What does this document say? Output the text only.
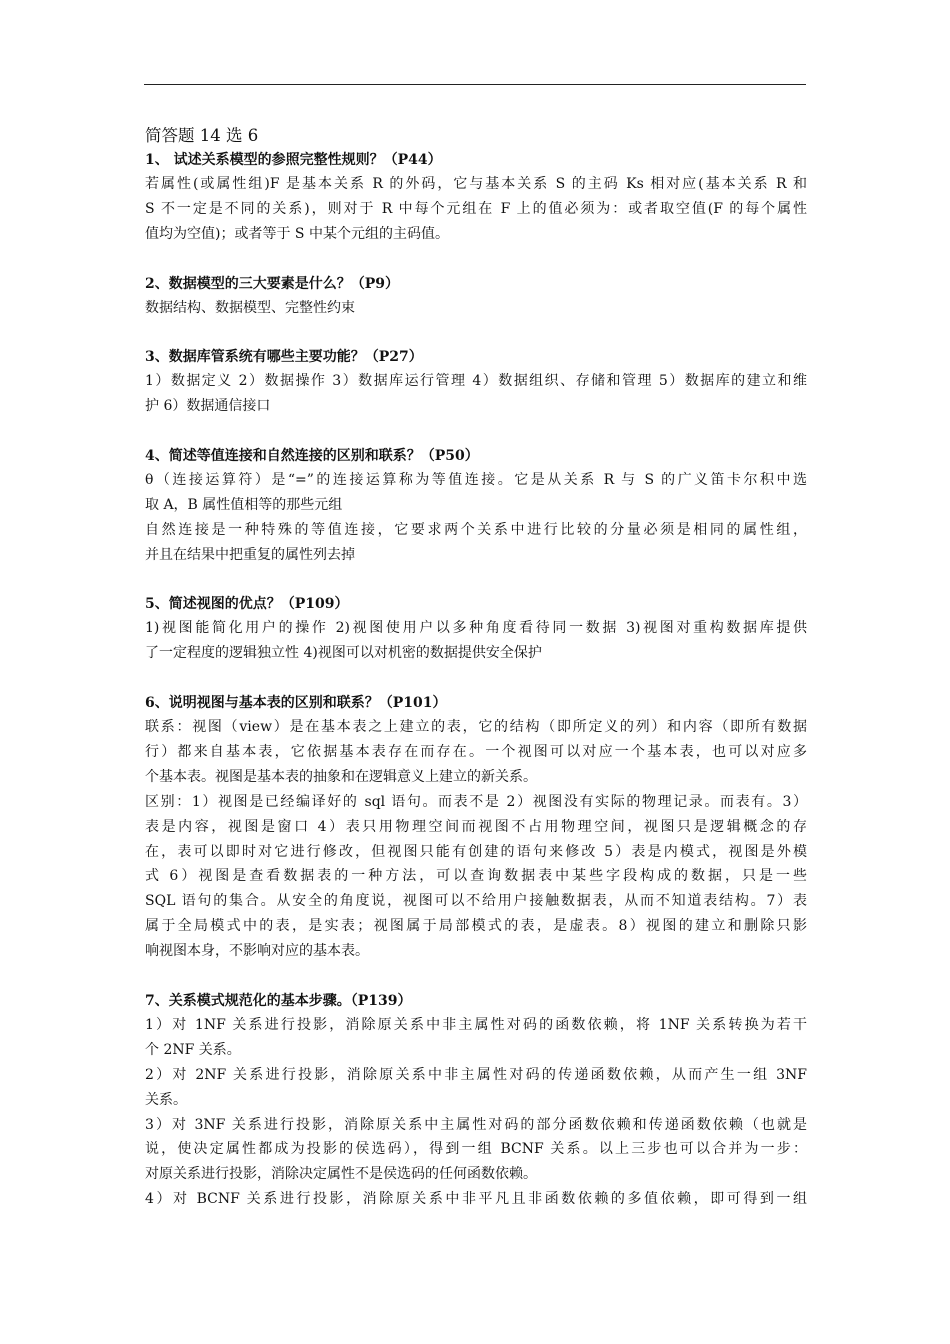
简答题 14 选 6
1、 试述关系模型的参照完整性规则？（P44）
若属性(或属性组)F 是基本关系 R 的外码，它与基本关系 S 的主码 Ks 相对应(基本关系 R 和
S 不一定是不同的关系)，则对于 R 中每个元组在 F 上的值必须为：或者取空值(F 的每个属性
值均为空值)；或者等于 S 中某个元组的主码值。
2、数据模型的三大要素是什么？（P9）
数据结构、数据模型、完整性约束
3、数据库管系统有哪些主要功能？（P27）
1）数据定义 2）数据操作 3）数据库运行管理 4）数据组织、存储和管理 5）数据库的建立和维
护 6）数据通信接口
4、简述等值连接和自然连接的区别和联系？（P50）
θ（连接运算符）是“=”的连接运算称为等值连接。它是从关系 R 与 S 的广义笛卡尔积中选
取 A，B 属性值相等的那些元组
自然连接是一种特殊的等值连接，它要求两个关系中进行比较的分量必须是相同的属性组，
并且在结果中把重复的属性列去掉
5、简述视图的优点？（P109）
1)视图能简化用户的操作 2)视图使用户以多种角度看待同一数据 3)视图对重构数据库提供
了一定程度的逻辑独立性 4)视图可以对机密的数据提供安全保护
6、说明视图与基本表的区别和联系？（P101）
联系：视图（view）是在基本表之上建立的表，它的结构（即所定义的列）和内容（即所有数据
行）都来自基本表，它依据基本表存在而存在。一个视图可以对应一个基本表，也可以对应多
个基本表。视图是基本表的抽象和在逻辑意义上建立的新关系。
区别：1）视图是已经编译好的 sql 语句。而表不是 2）视图没有实际的物理记录。而表有。3）
表是内容，视图是窗口 4）表只用物理空间而视图不占用物理空间，视图只是逻辑概念的存
在，表可以即时对它进行修改，但视图只能有创建的语句来修改 5）表是内模式，视图是外模
式 6）视图是查看数据表的一种方法，可以查询数据表中某些字段构成的数据，只是一些
SQL 语句的集合。从安全的角度说，视图可以不给用户接触数据表，从而不知道表结构。7）表
属于全局模式中的表，是实表；视图属于局部模式的表，是虚表。8）视图的建立和删除只影
响视图本身，不影响对应的基本表。
7、关系模式规范化的基本步骤。（P139）
1）对 1NF 关系进行投影，消除原关系中非主属性对码的函数依赖，将 1NF 关系转换为若干
个 2NF 关系。
2）对 2NF 关系进行投影，消除原关系中非主属性对码的传递函数依赖，从而产生一组 3NF
关系。
3）对 3NF 关系进行投影，消除原关系中主属性对码的部分函数依赖和传递函数依赖（也就是
说，使决定属性都成为投影的侯选码），得到一组 BCNF 关系。以上三步也可以合并为一步：
对原关系进行投影，消除决定属性不是侯选码的任何函数依赖。
4）对 BCNF 关系进行投影，消除原关系中非平凡且非函数依赖的多值依赖，即可得到一组
